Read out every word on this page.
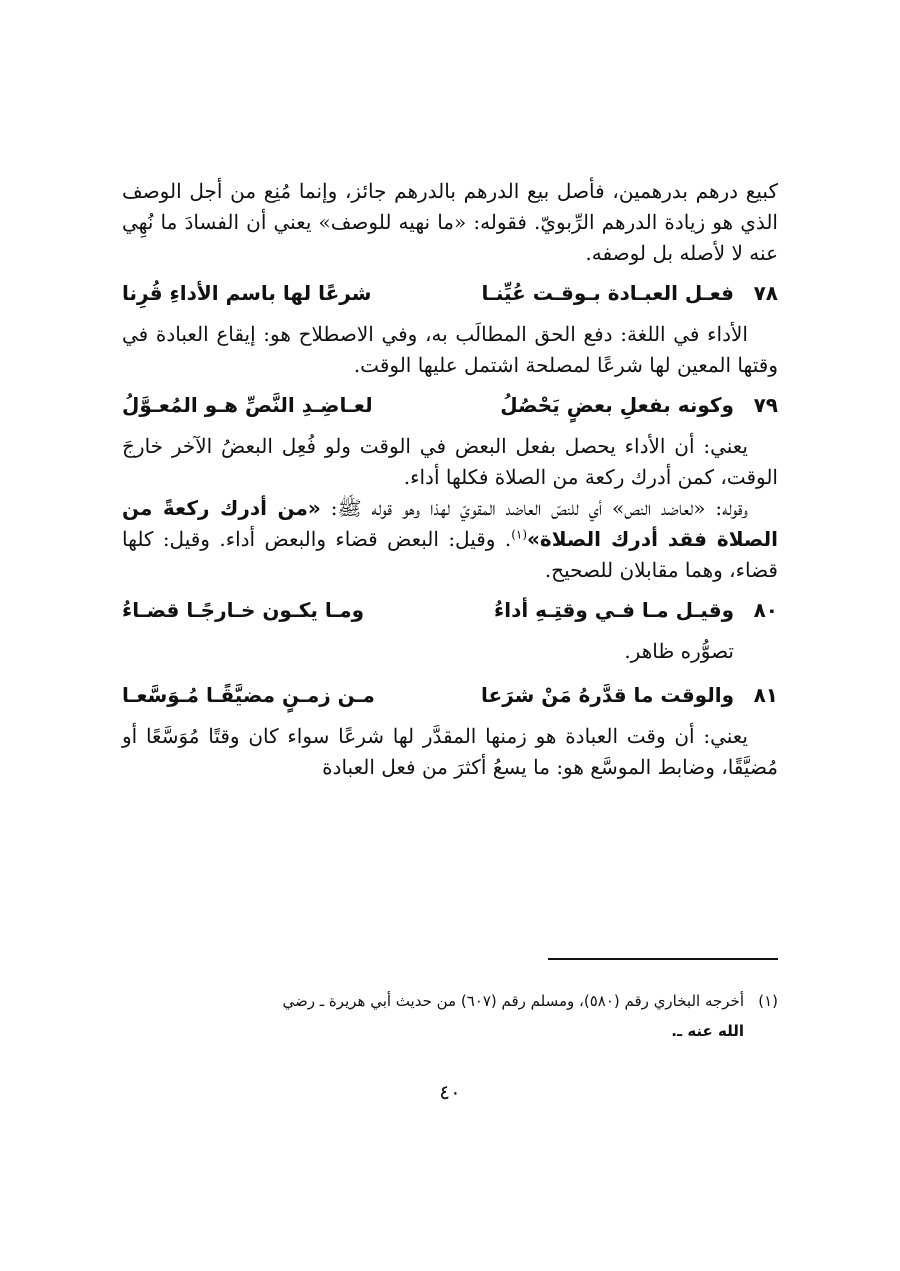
كبيع درهم بدرهمين، فأصل بيع الدرهم بالدرهم جائز، وإنما مُنِع من أجل الوصف الذي هو زيادة الدرهم الرِّبويّ. فقوله: «ما نهيه للوصف» يعني أن الفسادَ ما نُهِي عنه لا لأصله بل لوصفه.

٧٨
فعـل العبـادة بـوقـت عُيِّنـا
شرعًا لها باسم الأداءِ قُرِنا

الأداء في اللغة: دفع الحق المطالَب به، وفي الاصطلاح هو: إيقاع العبادة في وقتها المعين لها شرعًا لمصلحة اشتمل عليها الوقت.

٧٩
وكونه بفعلِ بعضٍ يَحْصُلُ
لعـاضِـدِ النَّصِّ هـو المُعـوَّلُ

يعني: أن الأداء يحصل بفعل البعض في الوقت ولو فُعِل البعضُ الآخر خارجَ الوقت، كمن أدرك ركعة من الصلاة فكلها أداء.

وقوله: «لعاضد النص» أي للنصّ العاضد المقويّ لهذا وهو قوله ﷺ: «من أدرك ركعةً من الصلاة فقد أدرك الصلاة»$^{(١)}$. وقيل: البعض قضاء والبعض أداء. وقيل: كلها قضاء، وهما مقابلان للصحيح.

٨٠
وقيـل مـا فـي وقتِـهِ أداءُ
ومـا يكـون خـارجًـا قضـاءُ

تصوُّره ظاهر.

٨١
والوقت ما قدَّرهُ مَنْ شرَعا
مـن زمـنٍ مضيَّقًـا مُـوَسَّعـا

يعني: أن وقت العبادة هو زمنها المقدَّر لها شرعًا سواء كان وقتًا مُوَسَّعًا أو مُضيَّقًا، وضابط الموسَّع هو: ما يسعُ أكثرَ من فعل العبادة

(١)أخرجه البخاري رقم (٥٨٠)، ومسلم رقم (٦٠٧) من حديث أبي هريرة ـ رضي
الله عنه ـ.
٤٠
